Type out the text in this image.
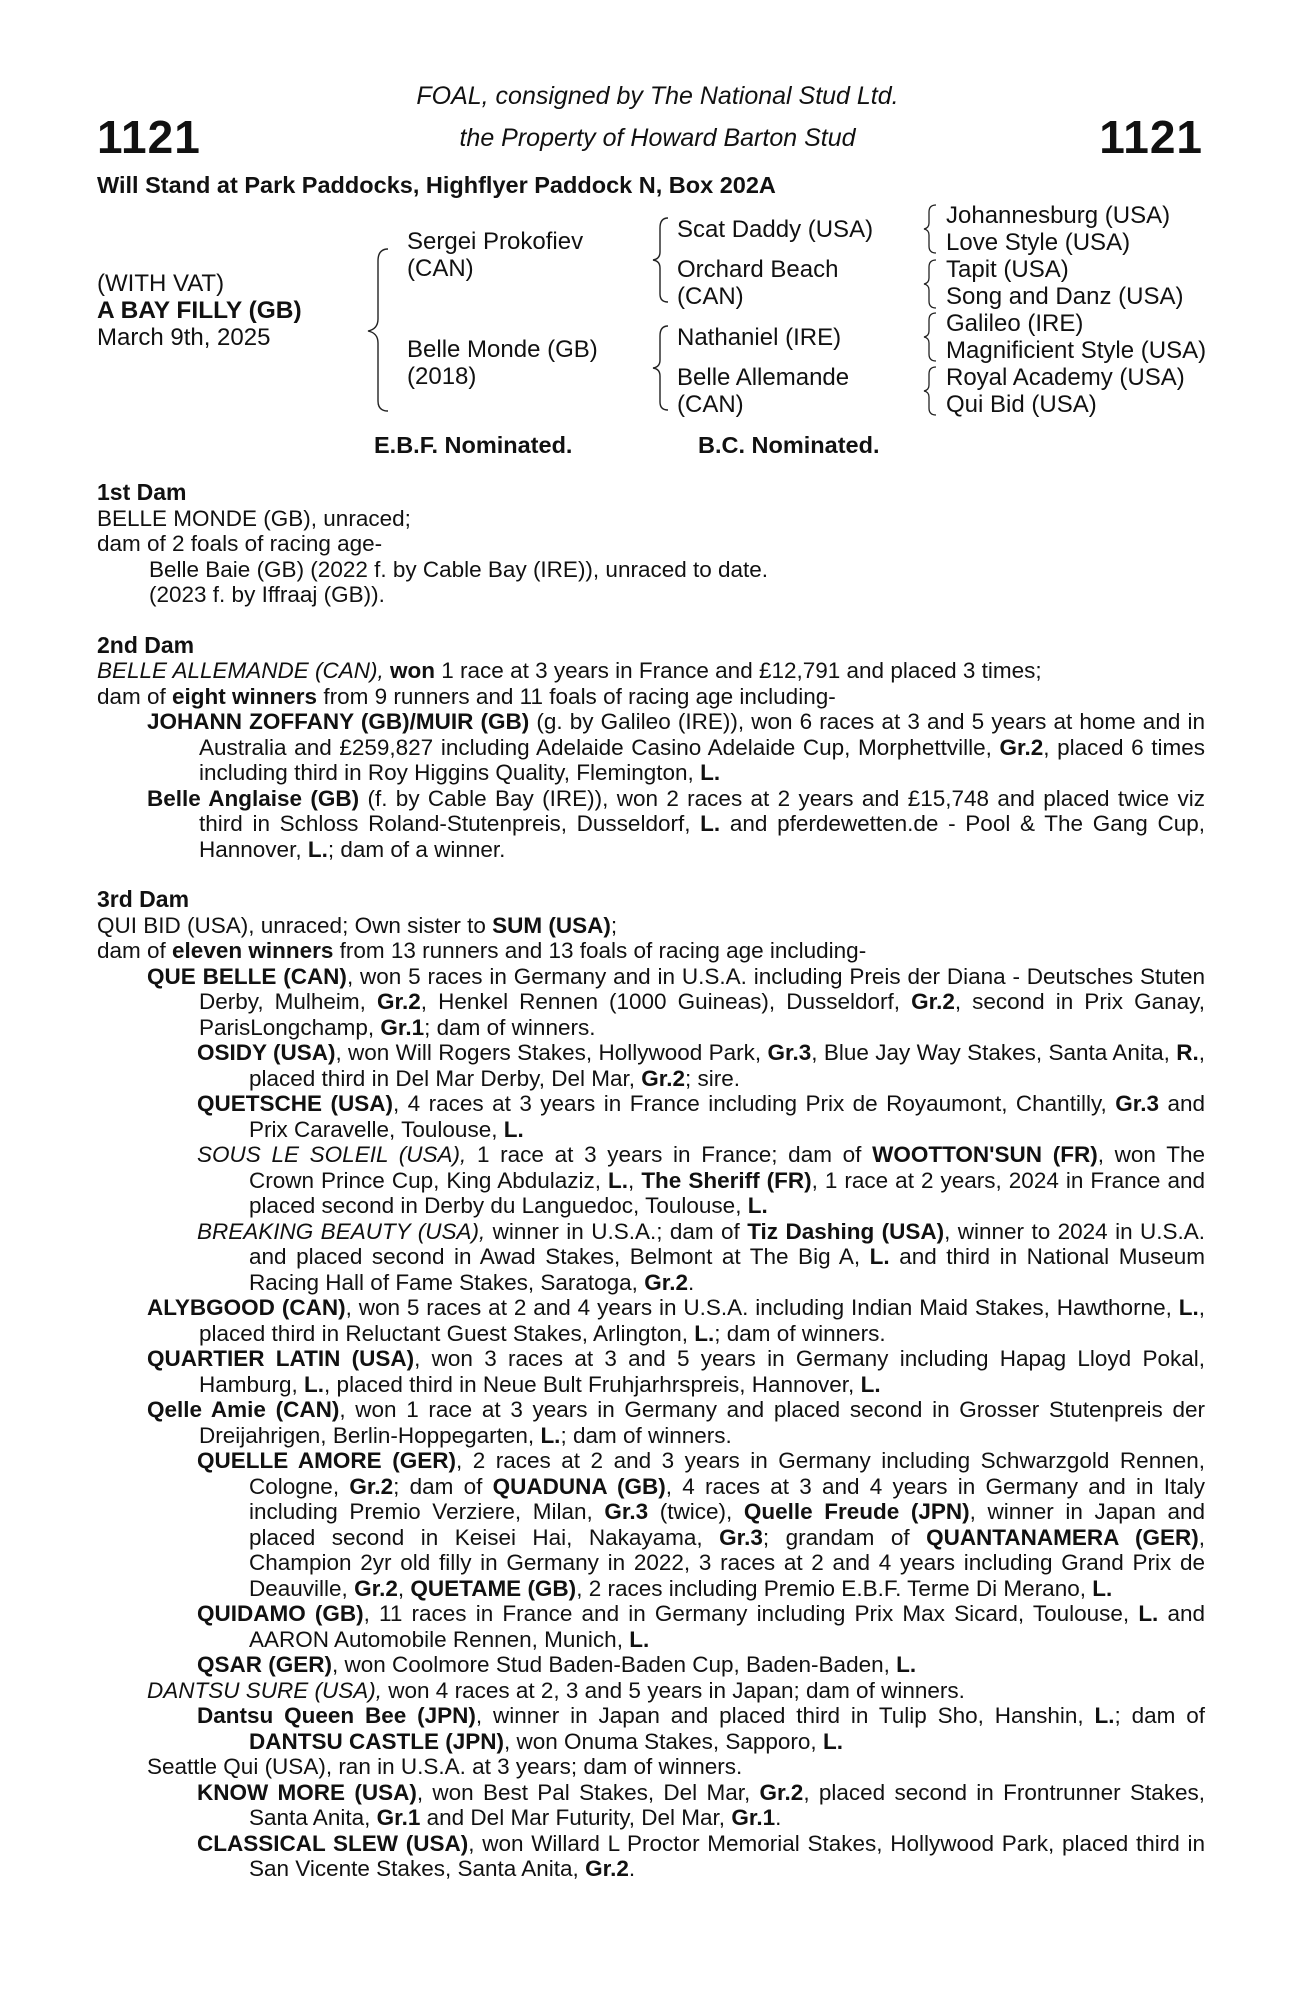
1121	1121
FOAL, consigned by The National Stud Ltd.
the Property of Howard Barton Stud
Will Stand at Park Paddocks, Highflyer Paddock N, Box 202A
(WITH VAT)
A BAY FILLY (GB)
March 9th, 2025
Sergei Prokofiev
(CAN)
Belle Monde (GB)
(2018)
Scat Daddy (USA)
Orchard Beach
(CAN)
Nathaniel (IRE)
Belle Allemande
(CAN)
Johannesburg (USA)
Love Style (USA)
Tapit (USA)
Song and Danz (USA)
Galileo (IRE)
Magnificient Style (USA)
Royal Academy (USA)
Qui Bid (USA)
E.B.F. Nominated.	B.C. Nominated.

1st Dam

BELLE MONDE (GB), unraced;

dam of 2 foals of racing age-

Belle Baie (GB) (2022 f. by Cable Bay (IRE)), unraced to date.

(2023 f. by Iffraaj (GB)).

2nd Dam

BELLE ALLEMANDE (CAN), won 1 race at 3 years in France and £12,791 and placed 3 times;

dam of eight winners from 9 runners and 11 foals of racing age including-

JOHANN ZOFFANY (GB)/MUIR (GB) (g. by Galileo (IRE)), won 6 races at 3 and 5 years at home and in Australia and £259,827 including Adelaide Casino Adelaide Cup, Morphettville, Gr.2, placed 6 times including third in Roy Higgins Quality, Flemington, L.

Belle Anglaise (GB) (f. by Cable Bay (IRE)), won 2 races at 2 years and £15,748 and placed twice viz third in Schloss Roland-Stutenpreis, Dusseldorf, L. and pferdewetten.de - Pool & The Gang Cup, Hannover, L.; dam of a winner.

3rd Dam

QUI BID (USA), unraced; Own sister to SUM (USA);

dam of eleven winners from 13 runners and 13 foals of racing age including-

QUE BELLE (CAN), won 5 races in Germany and in U.S.A. including Preis der Diana - Deutsches Stuten Derby, Mulheim, Gr.2, Henkel Rennen (1000 Guineas), Dusseldorf, Gr.2, second in Prix Ganay, ParisLongchamp, Gr.1; dam of winners.

OSIDY (USA), won Will Rogers Stakes, Hollywood Park, Gr.3, Blue Jay Way Stakes, Santa Anita, R., placed third in Del Mar Derby, Del Mar, Gr.2; sire.

QUETSCHE (USA), 4 races at 3 years in France including Prix de Royaumont, Chantilly, Gr.3 and Prix Caravelle, Toulouse, L.

SOUS LE SOLEIL (USA), 1 race at 3 years in France; dam of WOOTTON'SUN (FR), won The Crown Prince Cup, King Abdulaziz, L., The Sheriff (FR), 1 race at 2 years, 2024 in France and placed second in Derby du Languedoc, Toulouse, L.

BREAKING BEAUTY (USA), winner in U.S.A.; dam of Tiz Dashing (USA), winner to 2024 in U.S.A. and placed second in Awad Stakes, Belmont at The Big A, L. and third in National Museum Racing Hall of Fame Stakes, Saratoga, Gr.2.

ALYBGOOD (CAN), won 5 races at 2 and 4 years in U.S.A. including Indian Maid Stakes, Hawthorne, L., placed third in Reluctant Guest Stakes, Arlington, L.; dam of winners.

QUARTIER LATIN (USA), won 3 races at 3 and 5 years in Germany including Hapag Lloyd Pokal, Hamburg, L., placed third in Neue Bult Fruhjarhrspreis, Hannover, L.

Qelle Amie (CAN), won 1 race at 3 years in Germany and placed second in Grosser Stutenpreis der Dreijahrigen, Berlin-Hoppegarten, L.; dam of winners.

QUELLE AMORE (GER), 2 races at 2 and 3 years in Germany including Schwarzgold Rennen, Cologne, Gr.2; dam of QUADUNA (GB), 4 races at 3 and 4 years in Germany and in Italy including Premio Verziere, Milan, Gr.3 (twice), Quelle Freude (JPN), winner in Japan and placed second in Keisei Hai, Nakayama, Gr.3; grandam of QUANTANAMERA (GER), Champion 2yr old filly in Germany in 2022, 3 races at 2 and 4 years including Grand Prix de Deauville, Gr.2, QUETAME (GB), 2 races including Premio E.B.F. Terme Di Merano, L.

QUIDAMO (GB), 11 races in France and in Germany including Prix Max Sicard, Toulouse, L. and AARON Automobile Rennen, Munich, L.

QSAR (GER), won Coolmore Stud Baden-Baden Cup, Baden-Baden, L.

DANTSU SURE (USA), won 4 races at 2, 3 and 5 years in Japan; dam of winners.

Dantsu Queen Bee (JPN), winner in Japan and placed third in Tulip Sho, Hanshin, L.; dam of DANTSU CASTLE (JPN), won Onuma Stakes, Sapporo, L.

Seattle Qui (USA), ran in U.S.A. at 3 years; dam of winners.

KNOW MORE (USA), won Best Pal Stakes, Del Mar, Gr.2, placed second in Frontrunner Stakes, Santa Anita, Gr.1 and Del Mar Futurity, Del Mar, Gr.1.

CLASSICAL SLEW (USA), won Willard L Proctor Memorial Stakes, Hollywood Park, placed third in San Vicente Stakes, Santa Anita, Gr.2.
